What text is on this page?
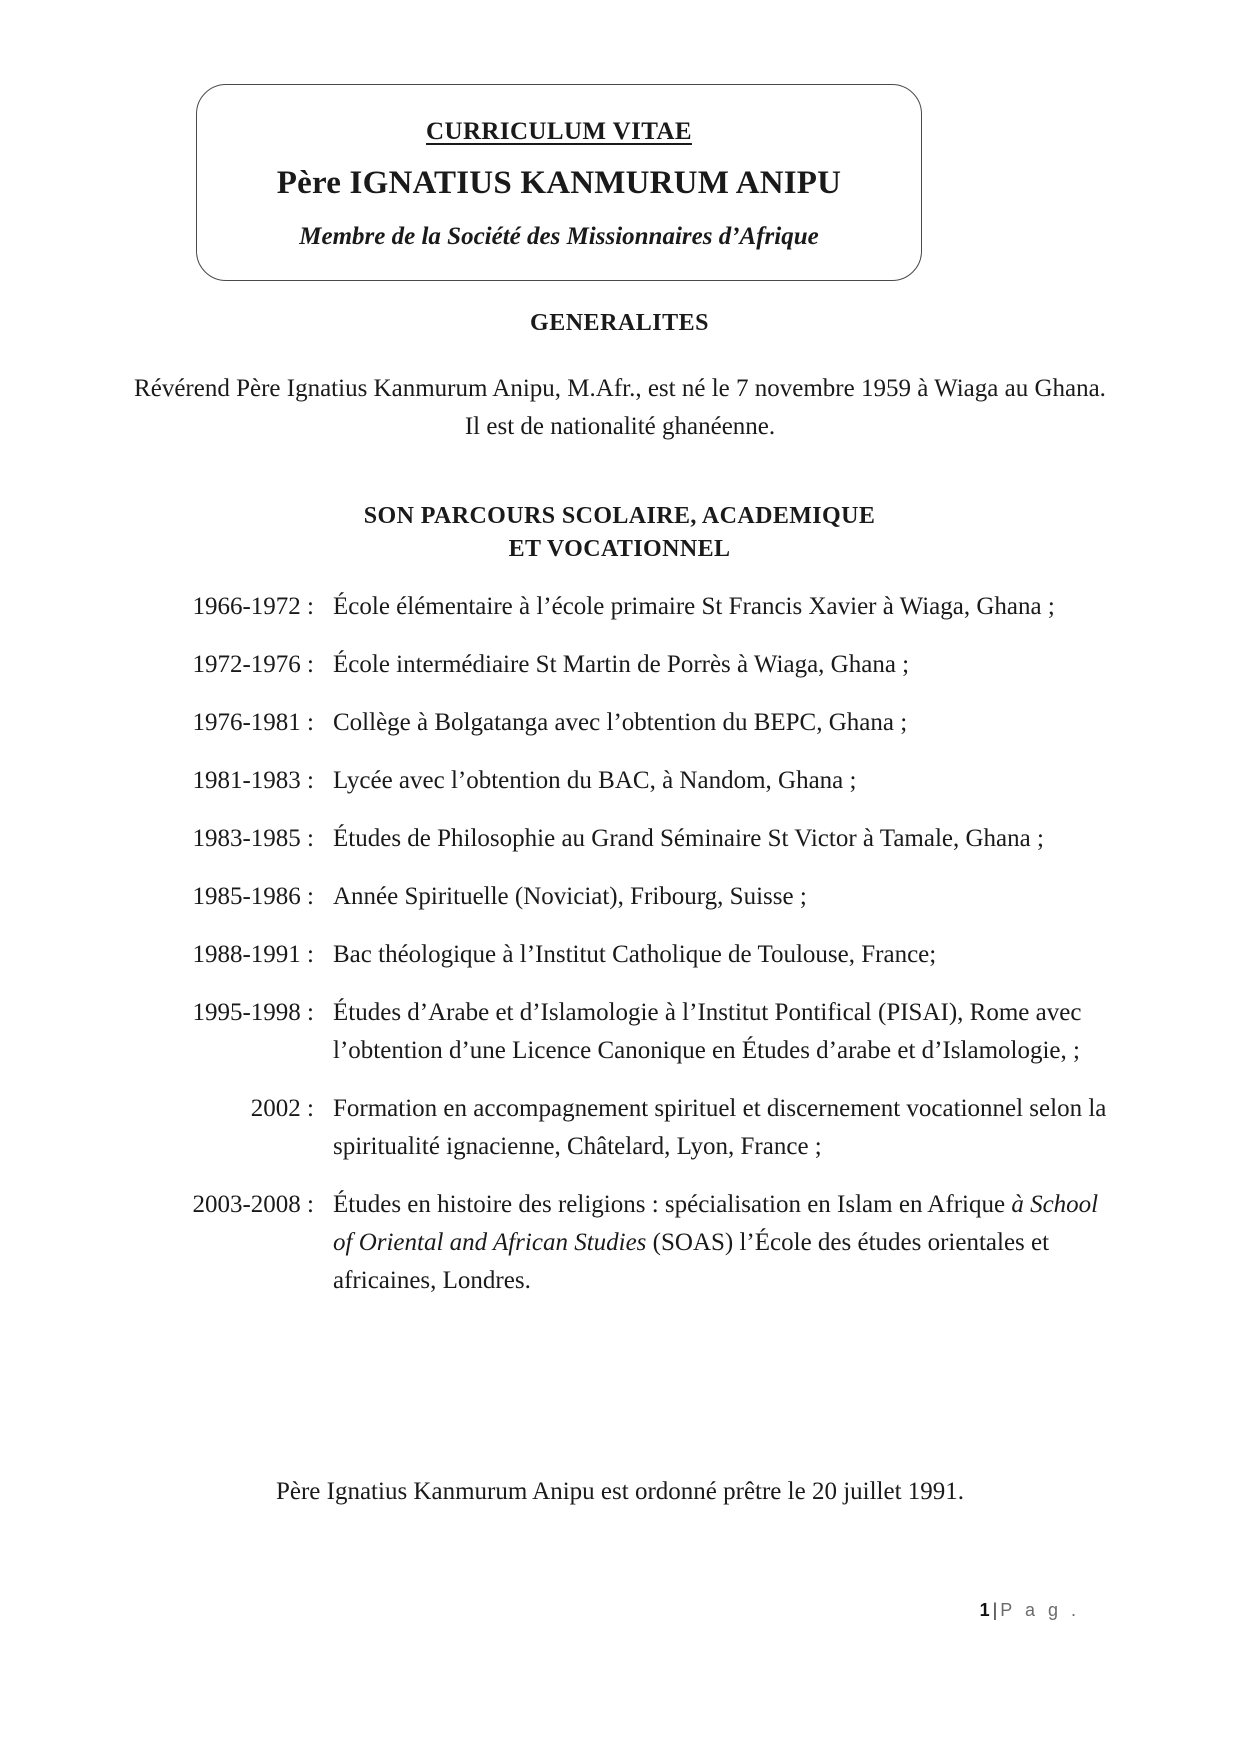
CURRICULUM VITAE
Père IGNATIUS KANMURUM ANIPU
Membre de la Société des Missionnaires d’Afrique
GENERALITES
Révérend Père Ignatius Kanmurum Anipu, M.Afr., est né le 7 novembre 1959 à Wiaga au Ghana. Il est de nationalité ghanéenne.
SON PARCOURS SCOLAIRE, ACADEMIQUE
ET VOCATIONNEL
1966-1972 : École élémentaire à l’école primaire St Francis Xavier à Wiaga, Ghana ;
1972-1976 : École intermédiaire St Martin de Porrès à Wiaga, Ghana ;
1976-1981 : Collège à Bolgatanga avec l’obtention du BEPC, Ghana ;
1981-1983 : Lycée avec l’obtention du BAC, à Nandom, Ghana ;
1983-1985 : Études de Philosophie au Grand Séminaire St Victor à Tamale, Ghana ;
1985-1986 : Année Spirituelle (Noviciat), Fribourg, Suisse ;
1988-1991 : Bac théologique à l’Institut Catholique de Toulouse, France;
1995-1998 : Études d’Arabe et d’Islamologie à l’Institut Pontifical (PISAI), Rome avec l’obtention d’une Licence Canonique en Études d’arabe et d’Islamologie, ;
2002 : Formation en accompagnement spirituel et discernement vocationnel selon la spiritualité ignacienne, Châtelard, Lyon, France ;
2003-2008 : Études en histoire des religions : spécialisation en Islam en Afrique à School of Oriental and African Studies (SOAS) l’École des études orientales et africaines, Londres.
Père Ignatius Kanmurum Anipu est ordonné prêtre le 20 juillet 1991.
1 | P a g .
